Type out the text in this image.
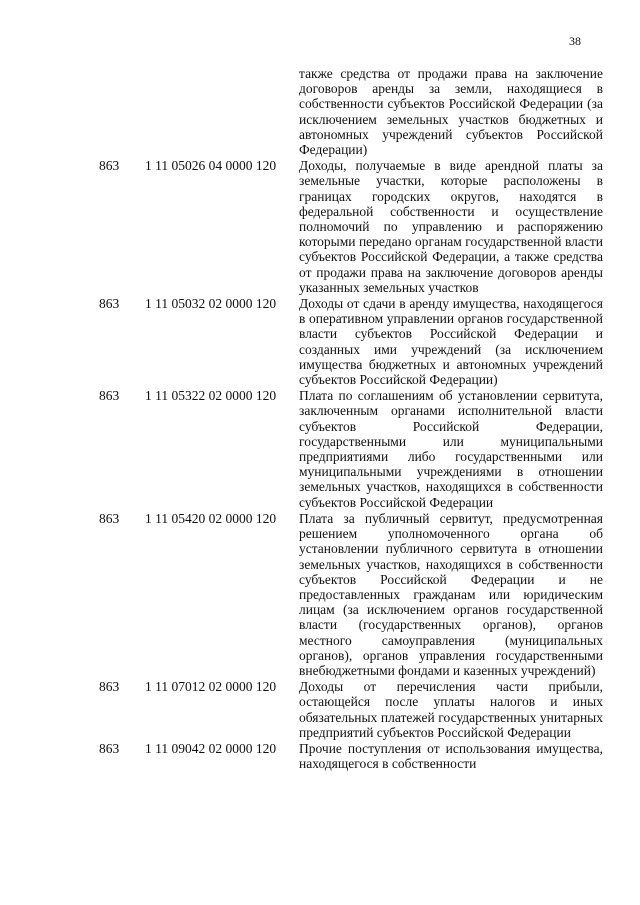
38
также средства от продажи права на заключение договоров аренды за земли, находящиеся в собственности субъектов Российской Федерации (за исключением земельных участков бюджетных и автономных учреждений субъектов Российской Федерации)
863	1 11 05026 04 0000 120	Доходы, получаемые в виде арендной платы за земельные участки, которые расположены в границах городских округов, находятся в федеральной собственности и осуществление полномочий по управлению и распоряжению которыми передано органам государственной власти субъектов Российской Федерации, а также средства от продажи права на заключение договоров аренды указанных земельных участков
863	1 11 05032 02 0000 120	Доходы от сдачи в аренду имущества, находящегося в оперативном управлении органов государственной власти субъектов Российской Федерации и созданных ими учреждений (за исключением имущества бюджетных и автономных учреждений субъектов Российской Федерации)
863	1 11 05322 02 0000 120	Плата по соглашениям об установлении сервитута, заключенным органами исполнительной власти субъектов Российской Федерации, государственными или муниципальными предприятиями либо государственными или муниципальными учреждениями в отношении земельных участков, находящихся в собственности субъектов Российской Федерации
863	1 11 05420 02 0000 120	Плата за публичный сервитут, предусмотренная решением уполномоченного органа об установлении публичного сервитута в отношении земельных участков, находящихся в собственности субъектов Российской Федерации и не предоставленных гражданам или юридическим лицам (за исключением органов государственной власти (государственных органов), органов местного самоуправления (муниципальных органов), органов управления государственными внебюджетными фондами и казенных учреждений)
863	1 11 07012 02 0000 120	Доходы от перечисления части прибыли, остающейся после уплаты налогов и иных обязательных платежей государственных унитарных предприятий субъектов Российской Федерации
863	1 11 09042 02 0000 120	Прочие поступления от использования имущества, находящегося в собственности
